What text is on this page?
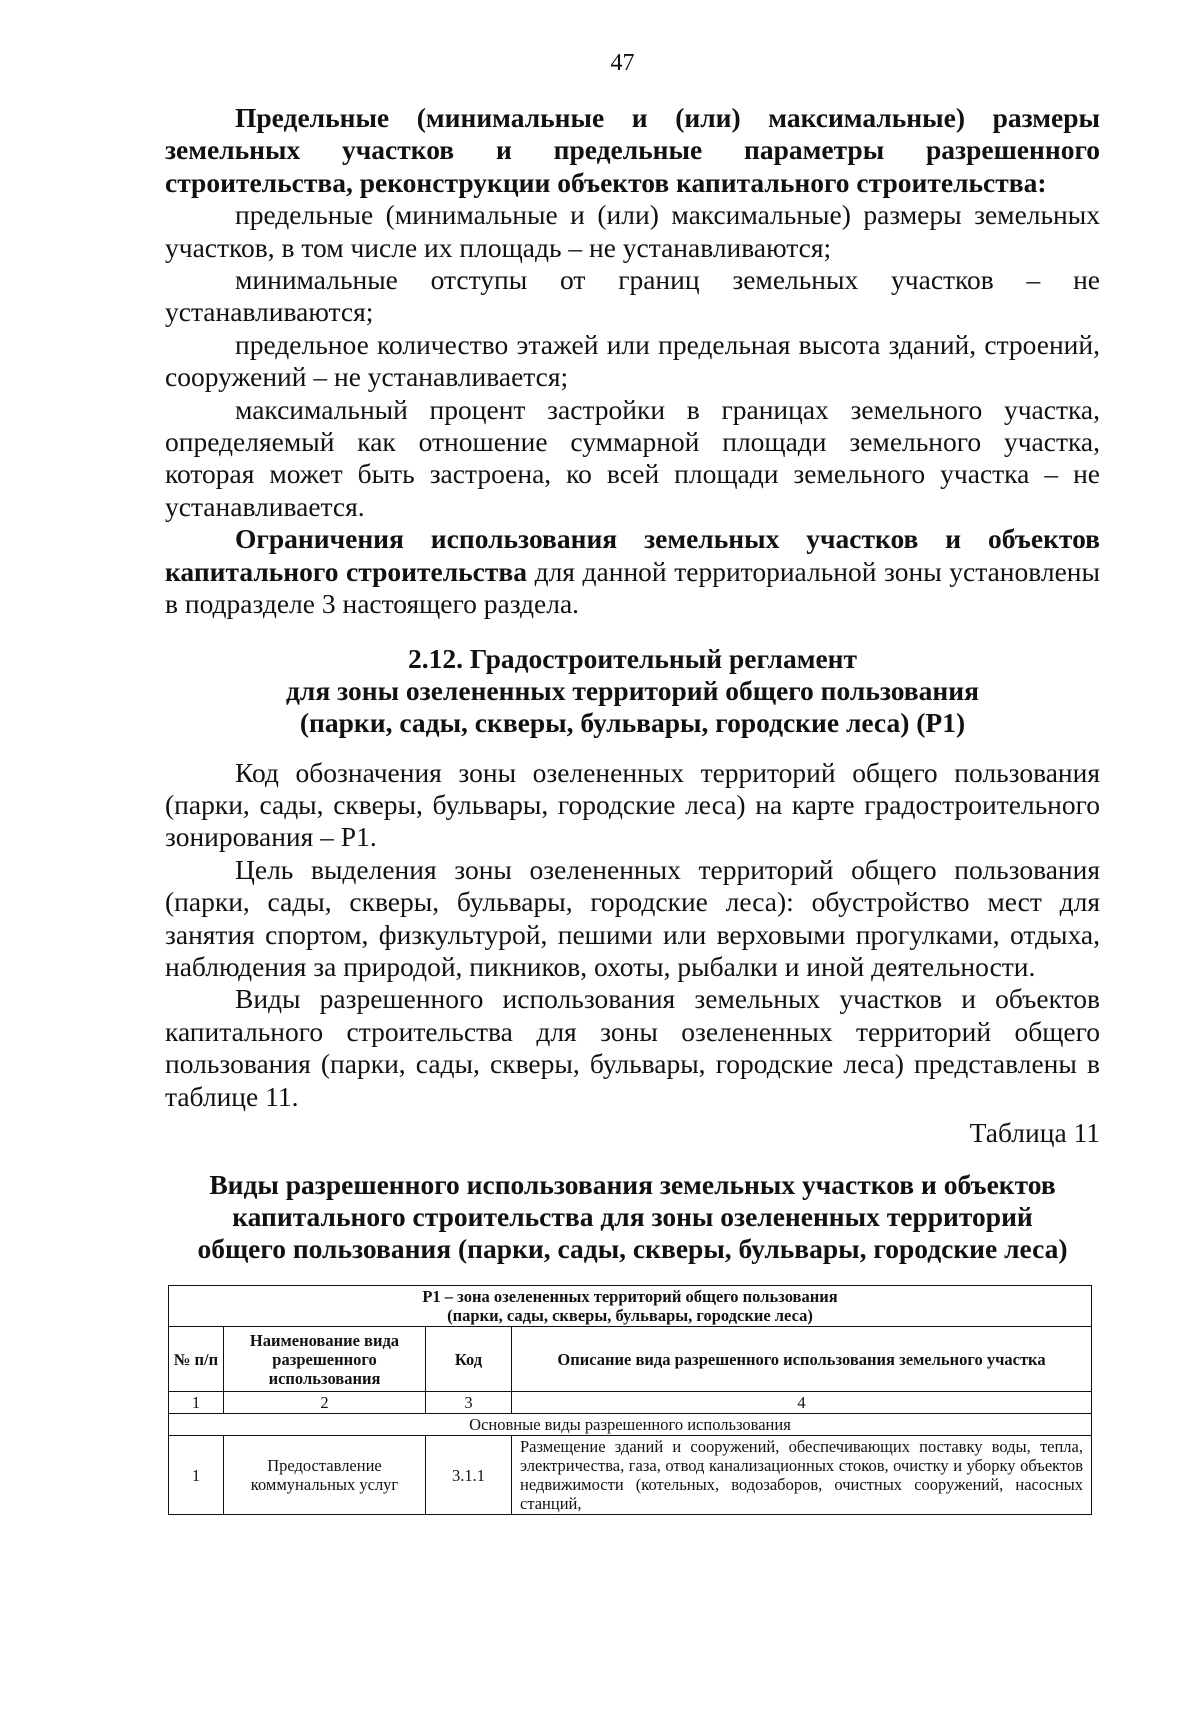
47

Предельные (минимальные и (или) максимальные) размеры земельных участков и предельные параметры разрешенного строительства, реконструкции объектов капитального строительства:

предельные (минимальные и (или) максимальные) размеры земельных участков, в том числе их площадь – не устанавливаются;

минимальные отступы от границ земельных участков – не устанавливаются;

предельное количество этажей или предельная высота зданий, строений, сооружений – не устанавливается;

максимальный процент застройки в границах земельного участка, определяемый как отношение суммарной площади земельного участка, которая может быть застроена, ко всей площади земельного участка – не устанавливается.

Ограничения использования земельных участков и объектов капитального строительства для данной территориальной зоны установлены в подразделе 3 настоящего раздела.

2.12. Градостроительный регламент
для зоны озелененных территорий общего пользования
(парки, сады, скверы, бульвары, городские леса) (Р1)

Код обозначения зоны озелененных территорий общего пользования (парки, сады, скверы, бульвары, городские леса) на карте градостроительного зонирования – Р1.

Цель выделения зоны озелененных территорий общего пользования (парки, сады, скверы, бульвары, городские леса): обустройство мест для занятия спортом, физкультурой, пешими или верховыми прогулками, отдыха, наблюдения за природой, пикников, охоты, рыбалки и иной деятельности.

Виды разрешенного использования земельных участков и объектов капитального строительства для зоны озелененных территорий общего пользования (парки, сады, скверы, бульвары, городские леса) представлены в таблице 11.

Таблица 11
Виды разрешенного использования земельных участков и объектов
капитального строительства для зоны озелененных территорий
общего пользования (парки, сады, скверы, бульвары, городские леса)
Р1 – зона озелененных территорий общего пользования
(парки, сады, скверы, бульвары, городские леса)			

№ п/п	Наименование вида разрешенного использования	Код	Описание вида разрешенного использования земельного участка
1	2	3	4
Основные виды разрешенного использования			
1	Предоставление коммунальных услуг	3.1.1	Размещение зданий и сооружений, обеспечивающих поставку воды, тепла, электричества, газа, отвод канализационных стоков, очистку и уборку объектов недвижимости (котельных, водозаборов, очистных сооружений, насосных станций,
